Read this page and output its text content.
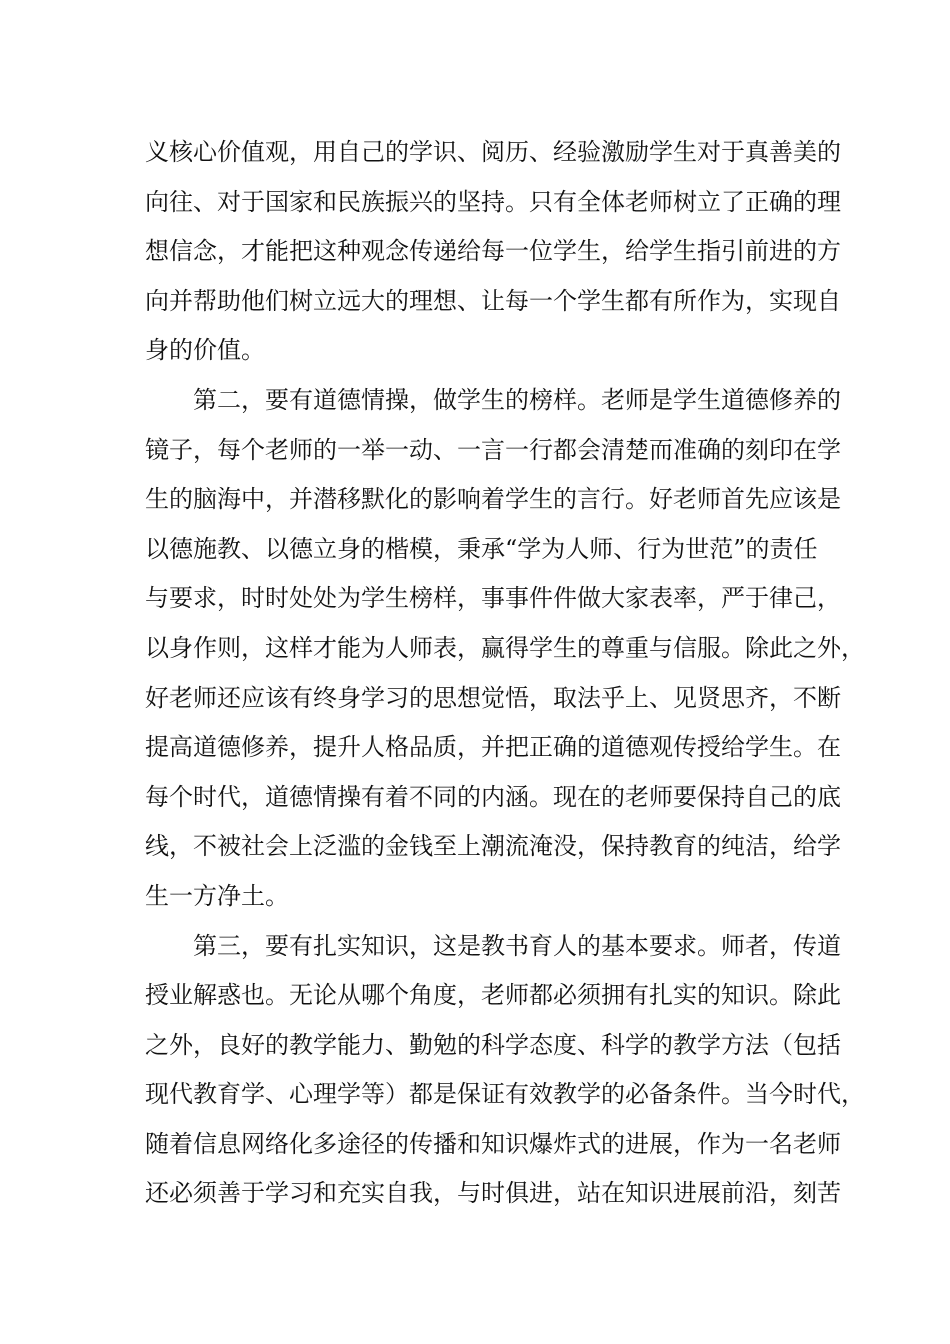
义核心价值观，用自己的学识、阅历、经验激励学生对于真善美的
向往、对于国家和民族振兴的坚持。只有全体老师树立了正确的理
想信念，才能把这种观念传递给每一位学生，给学生指引前进的方
向并帮助他们树立远大的理想、让每一个学生都有所作为，实现自
身的价值。
第二，要有道德情操，做学生的榜样。老师是学生道德修养的
镜子，每个老师的一举一动、一言一行都会清楚而准确的刻印在学
生的脑海中，并潜移默化的影响着学生的言行。好老师首先应该是
以德施教、以德立身的楷模，秉承“学为人师、行为世范”的责任
与要求，时时处处为学生榜样，事事件件做大家表率，严于律己，
以身作则，这样才能为人师表，赢得学生的尊重与信服。除此之外，
好老师还应该有终身学习的思想觉悟，取法乎上、见贤思齐，不断
提高道德修养，提升人格品质，并把正确的道德观传授给学生。在
每个时代，道德情操有着不同的内涵。现在的老师要保持自己的底
线，不被社会上泛滥的金钱至上潮流淹没，保持教育的纯洁，给学
生一方净土。
第三，要有扎实知识，这是教书育人的基本要求。师者，传道
授业解惑也。无论从哪个角度，老师都必须拥有扎实的知识。除此
之外，良好的教学能力、勤勉的科学态度、科学的教学方法（包括
现代教育学、心理学等）都是保证有效教学的必备条件。当今时代，
随着信息网络化多途径的传播和知识爆炸式的进展，作为一名老师
还必须善于学习和充实自我，与时俱进，站在知识进展前沿，刻苦
